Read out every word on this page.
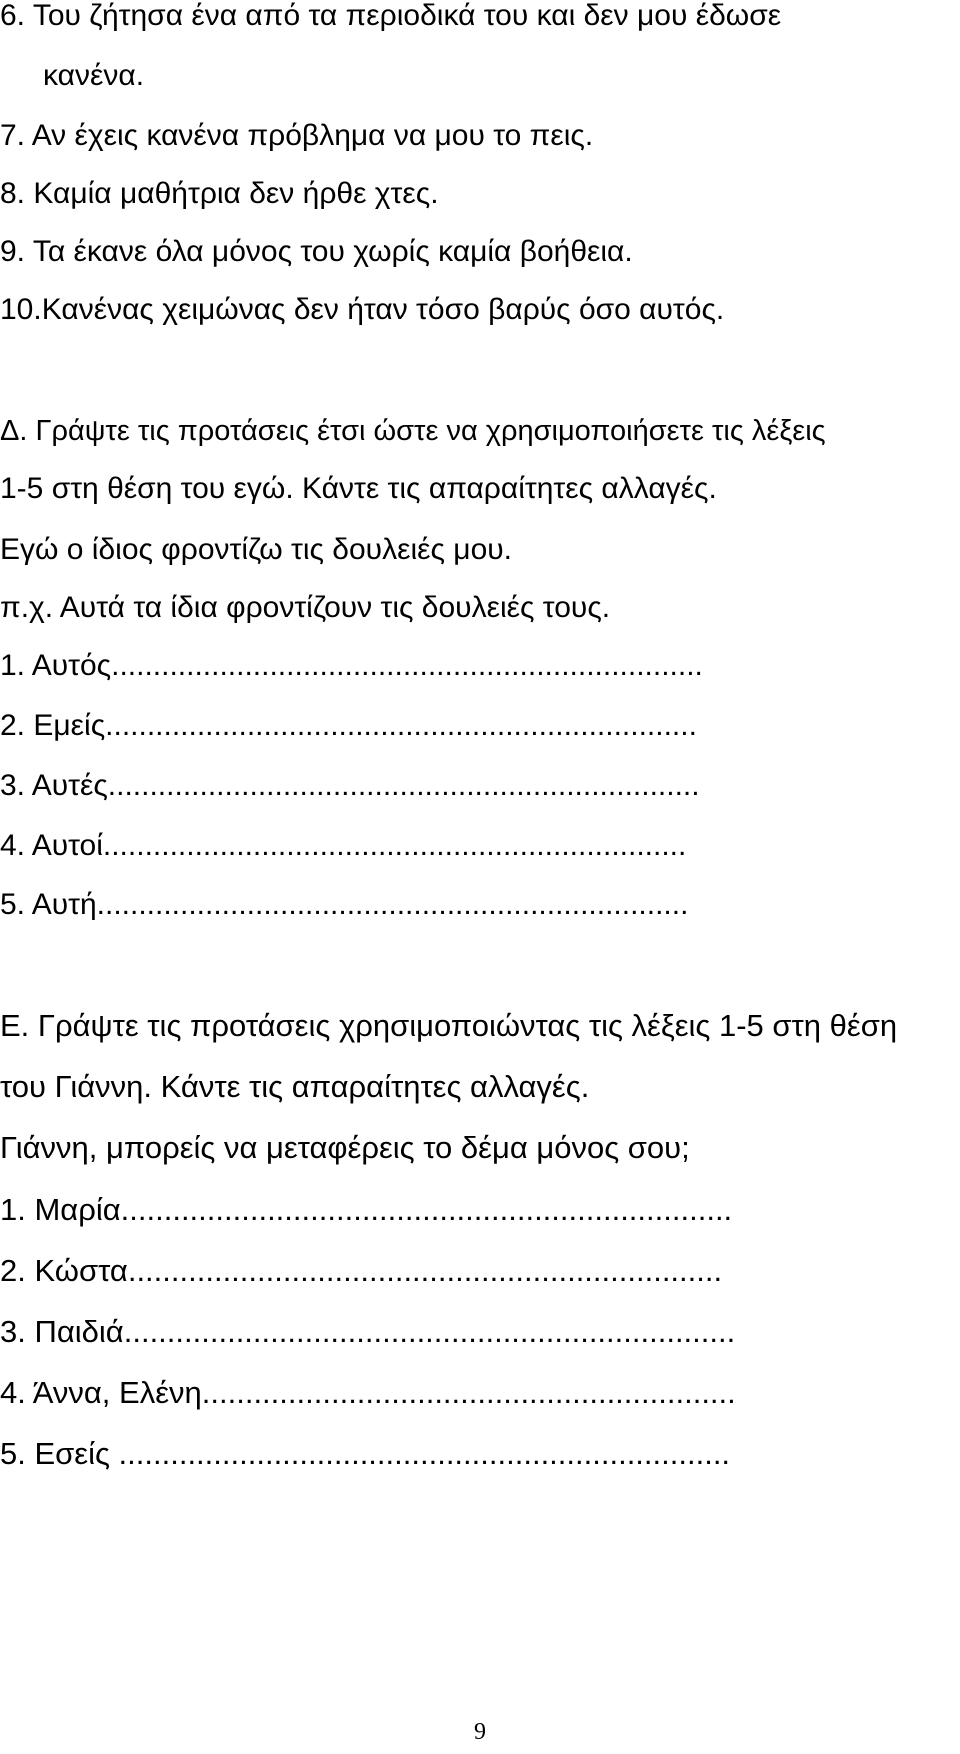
6. Του ζήτησα ένα από τα περιοδικά του και δεν μου έδωσε
κανένα.
7. Αν έχεις κανένα πρόβλημα να μου το πεις.
8. Καμία μαθήτρια δεν ήρθε χτες.
9. Τα έκανε όλα μόνος του χωρίς καμία βοήθεια.
10.Κανένας χειμώνας δεν ήταν τόσο βαρύς όσο αυτός.
Δ. Γράψτε τις προτάσεις έτσι ώστε να χρησιμοποιήσετε τις λέξεις
1-5 στη θέση του εγώ. Κάντε τις απαραίτητες αλλαγές.
Εγώ ο ίδιος φροντίζω τις δουλειές μου.
π.χ. Αυτά τα ίδια φροντίζουν τις δουλειές τους.
1. Αυτός.......................................................................
2. Εμείς.......................................................................
3. Αυτές.......................................................................
4. Αυτοί......................................................................
5. Αυτή.......................................................................
Ε. Γράψτε τις προτάσεις χρησιμοποιώντας τις λέξεις 1-5 στη θέση
του Γιάννη. Κάντε τις απαραίτητες αλλαγές.
Γιάννη, μπορείς να μεταφέρεις το δέμα μόνος σου;
1. Μαρία.......................................................................
2. Κώστα.....................................................................
3. Παιδιά.......................................................................
4. Άννα, Ελένη..............................................................
5. Εσείς .......................................................................
9
